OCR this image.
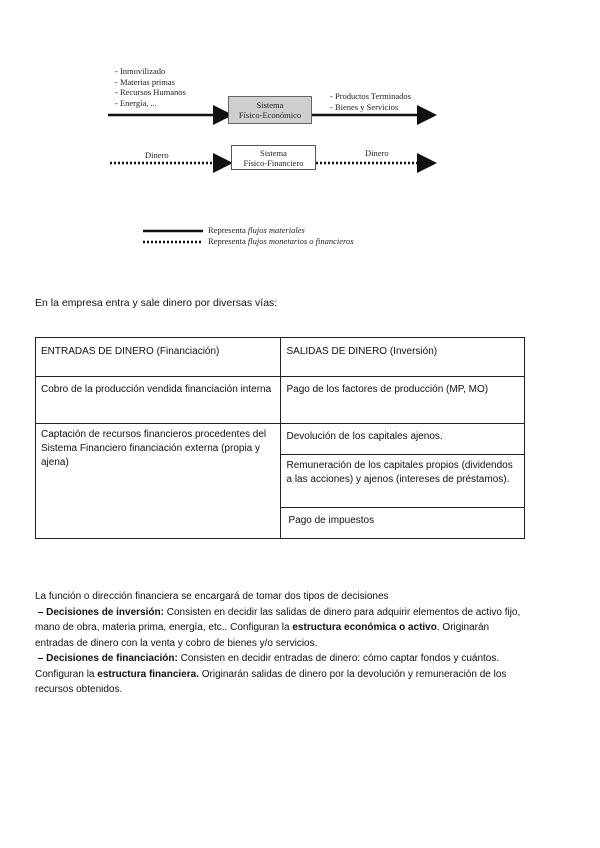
- Inmovilizado
- Materias primas
- Recursos Humanos
- Energía, ...	Sistema
Físico-Económico
- Productos Terminados
- Bienes y Servicios
Dinero	Sistema
Físico-Financiero
Dinero
Representa flujos materiales
Representa flujos monetarios o financieros
En la empresa entra y sale dinero por diversas vías:
ENTRADAS DE DINERO (Financiación)	SALIDAS DE DINERO (Inversión)
Cobro de la producción vendida financiación interna	Pago de los factores de producción (MP, MO)
Captación de recursos financieros procedentes del Sistema Financiero financiación externa (propia y ajena)	Devolución de los capitales ajenos.
	Remuneración de los capitales propios (dividendos a las acciones) y ajenos (intereses de préstamos).
	Pago de impuestos

La función o dirección financiera se encargará de tomar dos tipos de decisiones

– Decisiones de inversión: Consisten en decidir las salidas de dinero para adquirir elementos de activo fijo, mano de obra, materia prima, energía, etc.. Configuran la estructura económica o activo. Originarán entradas de dinero con la venta y cobro de bienes y/o servicios.

– Decisiones de financiación: Consisten en decidir entradas de dinero: cómo captar fondos y cuántos. Configuran la estructura financiera. Originarán salidas de dinero por la devolución y remuneración de los recursos obtenidos.
